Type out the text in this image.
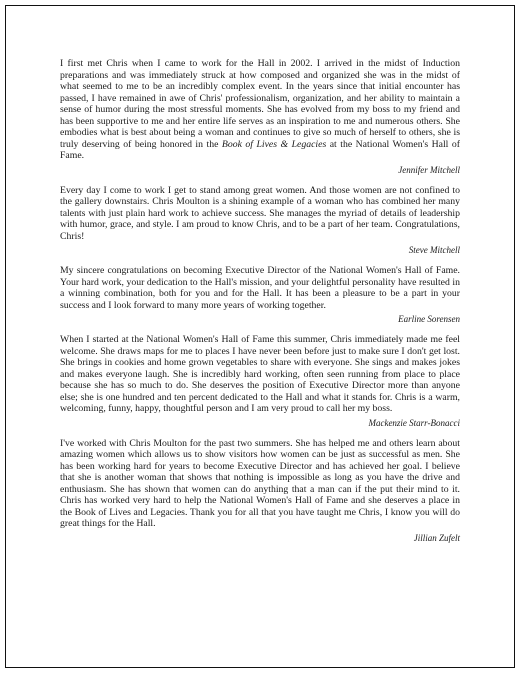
I first met Chris when I came to work for the Hall in 2002. I arrived in the midst of Induction preparations and was immediately struck at how composed and organized she was in the midst of what seemed to me to be an incredibly complex event. In the years since that initial encounter has passed, I have remained in awe of Chris' professionalism, organization, and her ability to maintain a sense of humor during the most stressful moments. She has evolved from my boss to my friend and has been supportive to me and her entire life serves as an inspiration to me and numerous others. She embodies what is best about being a woman and continues to give so much of herself to others, she is truly deserving of being honored in the Book of Lives & Legacies at the National Women's Hall of Fame.

Jennifer Mitchell

Every day I come to work I get to stand among great women. And those women are not confined to the gallery downstairs. Chris Moulton is a shining example of a woman who has combined her many talents with just plain hard work to achieve success. She manages the myriad of details of leadership with humor, grace, and style. I am proud to know Chris, and to be a part of her team. Congratulations, Chris!

Steve Mitchell

My sincere congratulations on becoming Executive Director of the National Women's Hall of Fame. Your hard work, your dedication to the Hall's mission, and your delightful personality have resulted in a winning combination, both for you and for the Hall. It has been a pleasure to be a part in your success and I look forward to many more years of working together.

Earline Sorensen

When I started at the National Women's Hall of Fame this summer, Chris immediately made me feel welcome. She draws maps for me to places I have never been before just to make sure I don't get lost. She brings in cookies and home grown vegetables to share with everyone. She sings and makes jokes and makes everyone laugh. She is incredibly hard working, often seen running from place to place because she has so much to do. She deserves the position of Executive Director more than anyone else; she is one hundred and ten percent dedicated to the Hall and what it stands for. Chris is a warm, welcoming, funny, happy, thoughtful person and I am very proud to call her my boss.

Mackenzie Starr-Bonacci

I've worked with Chris Moulton for the past two summers. She has helped me and others learn about amazing women which allows us to show visitors how women can be just as successful as men. She has been working hard for years to become Executive Director and has achieved her goal. I believe that she is another woman that shows that nothing is impossible as long as you have the drive and enthusiasm. She has shown that women can do anything that a man can if the put their mind to it. Chris has worked very hard to help the National Women's Hall of Fame and she deserves a place in the Book of Lives and Legacies. Thank you for all that you have taught me Chris, I know you will do great things for the Hall.

Jillian Zufelt
